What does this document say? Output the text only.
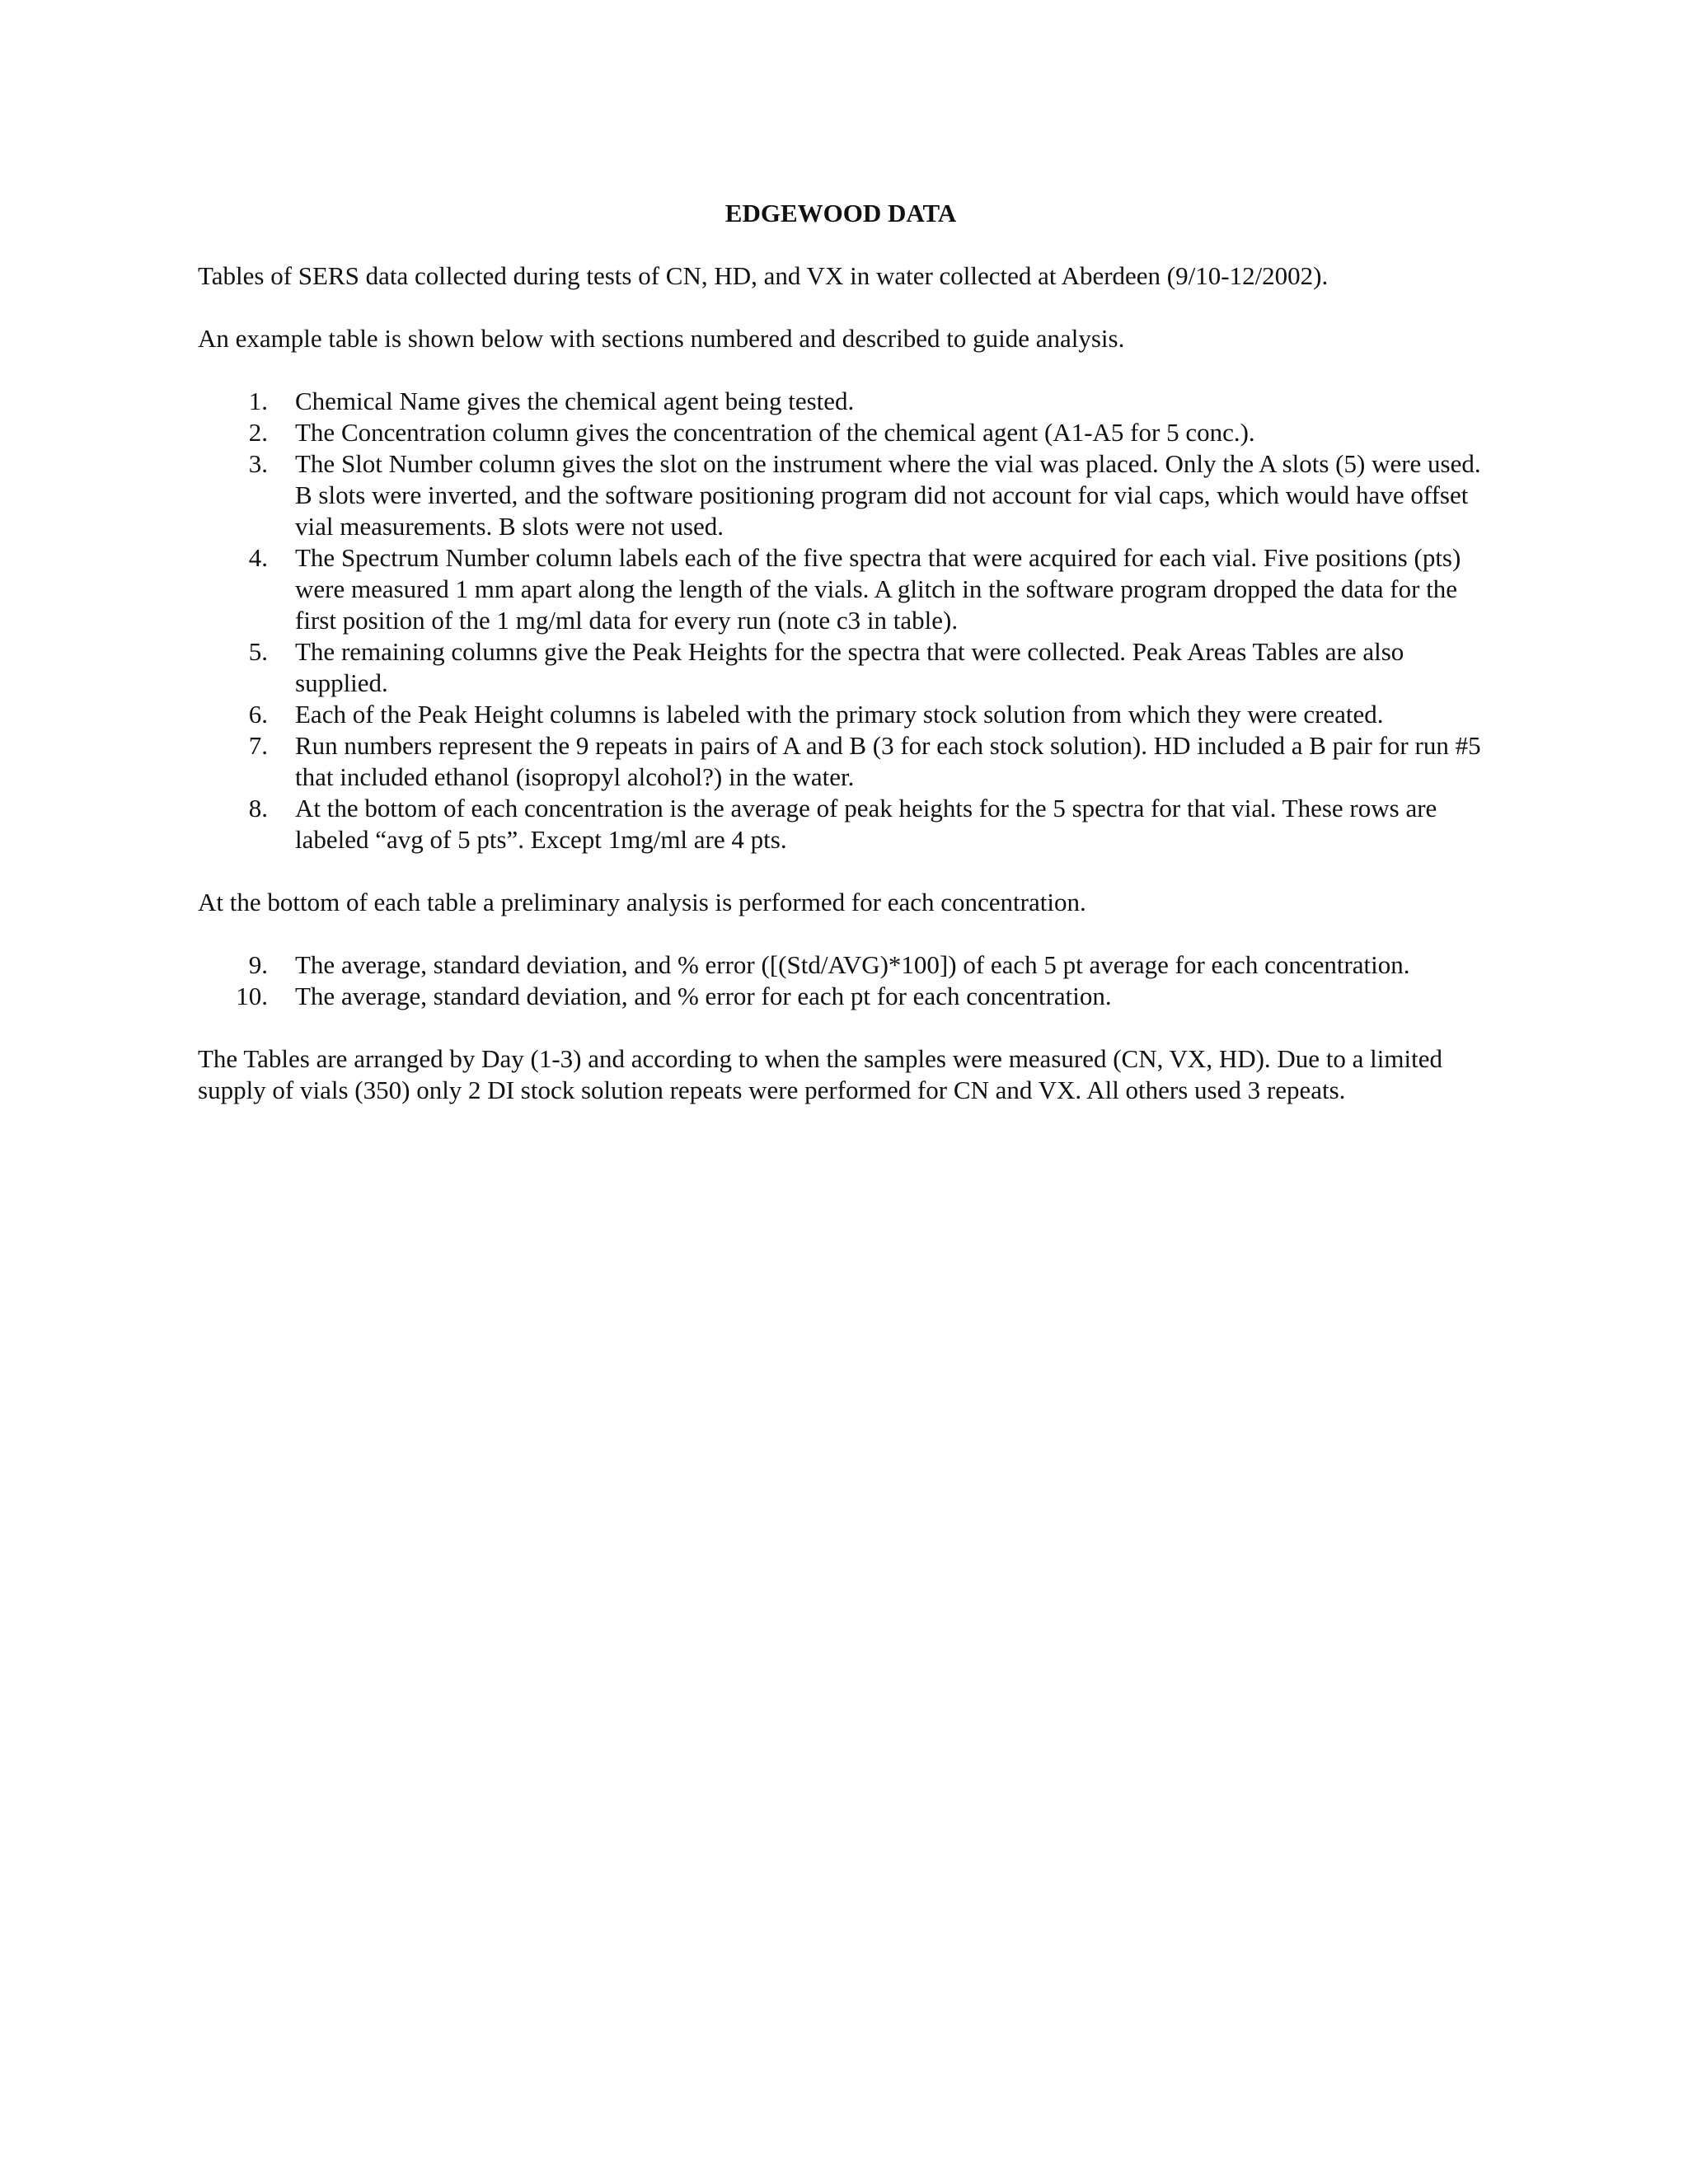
EDGEWOOD DATA

Tables of SERS data collected during tests of CN, HD, and VX in water collected at Aberdeen (9/10-12/2002).

An example table is shown below with sections numbered and described to guide analysis.

1. Chemical Name gives the chemical agent being tested.
2. The Concentration column gives the concentration of the chemical agent (A1-A5 for 5 conc.).
3. The Slot Number column gives the slot on the instrument where the vial was placed. Only the A slots (5) were used. B slots were inverted, and the software positioning program did not account for vial caps, which would have offset vial measurements. B slots were not used.
4. The Spectrum Number column labels each of the five spectra that were acquired for each vial. Five positions (pts) were measured 1 mm apart along the length of the vials. A glitch in the software program dropped the data for the first position of the 1 mg/ml data for every run (note c3 in table).
5. The remaining columns give the Peak Heights for the spectra that were collected. Peak Areas Tables are also supplied.
6. Each of the Peak Height columns is labeled with the primary stock solution from which they were created.
7. Run numbers represent the 9 repeats in pairs of A and B (3 for each stock solution). HD included a B pair for run #5 that included ethanol (isopropyl alcohol?) in the water.
8. At the bottom of each concentration is the average of peak heights for the 5 spectra for that vial. These rows are labeled “avg of 5 pts”. Except 1mg/ml are 4 pts.

At the bottom of each table a preliminary analysis is performed for each concentration.

9. The average, standard deviation, and % error ([(Std/AVG)*100]) of each 5 pt average for each concentration.
10. The average, standard deviation, and % error for each pt for each concentration.

The Tables are arranged by Day (1-3) and according to when the samples were measured (CN, VX, HD). Due to a limited supply of vials (350) only 2 DI stock solution repeats were performed for CN and VX. All others used 3 repeats.
